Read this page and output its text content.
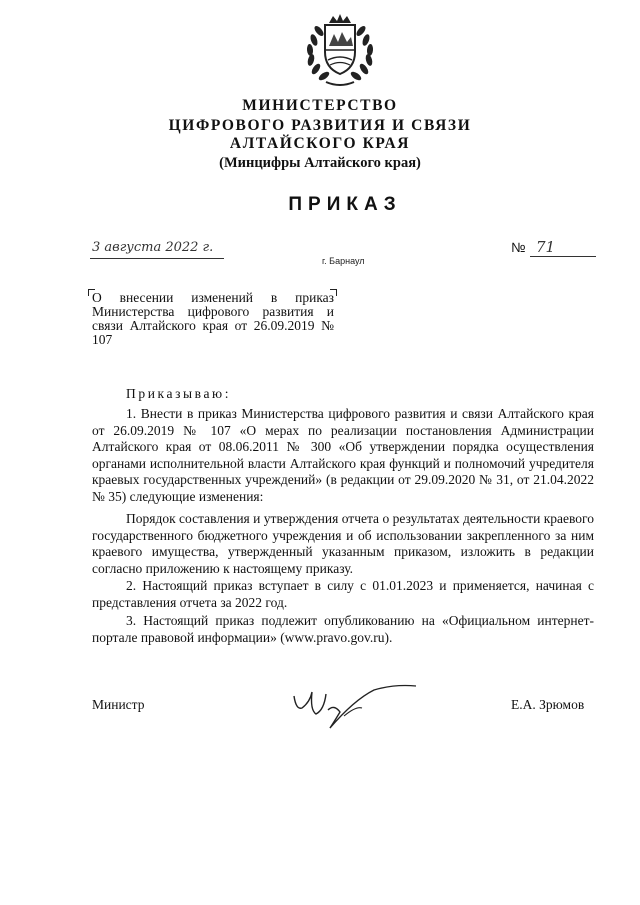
МИНИСТЕРСТВО
ЦИФРОВОГО РАЗВИТИЯ И СВЯЗИ
АЛТАЙСКОГО КРАЯ
(Минцифры Алтайского края)
ПРИКАЗ
3 августа 2022 г.
г. Барнаул
№ 71
О внесении изменений в приказ Министерства цифрового развития и связи Алтайского края от 26.09.2019 № 107
Приказываю:

1. Внести в приказ Министерства цифрового развития и связи Алтайского края от 26.09.2019 № 107 «О мерах по реализации постановления Администрации Алтайского края от 08.06.2011 № 300 «Об утверждении порядка осуществления органами исполнительной власти Алтайского края функций и полномочий учредителя краевых государственных учреждений» (в редакции от 29.09.2020 № 31, от 21.04.2022 № 35) следующие изменения:

Порядок составления и утверждения отчета о результатах деятельности краевого государственного бюджетного учреждения и об использовании закрепленного за ним краевого имущества, утвержденный указанным приказом, изложить в редакции согласно приложению к настоящему приказу.

2. Настоящий приказ вступает в силу с 01.01.2023 и применяется, начиная с представления отчета за 2022 год.

3. Настоящий приказ подлежит опубликованию на «Официальном интернет-портале правовой информации» (www.pravo.gov.ru).

Министр	Е.А. Зрюмов
